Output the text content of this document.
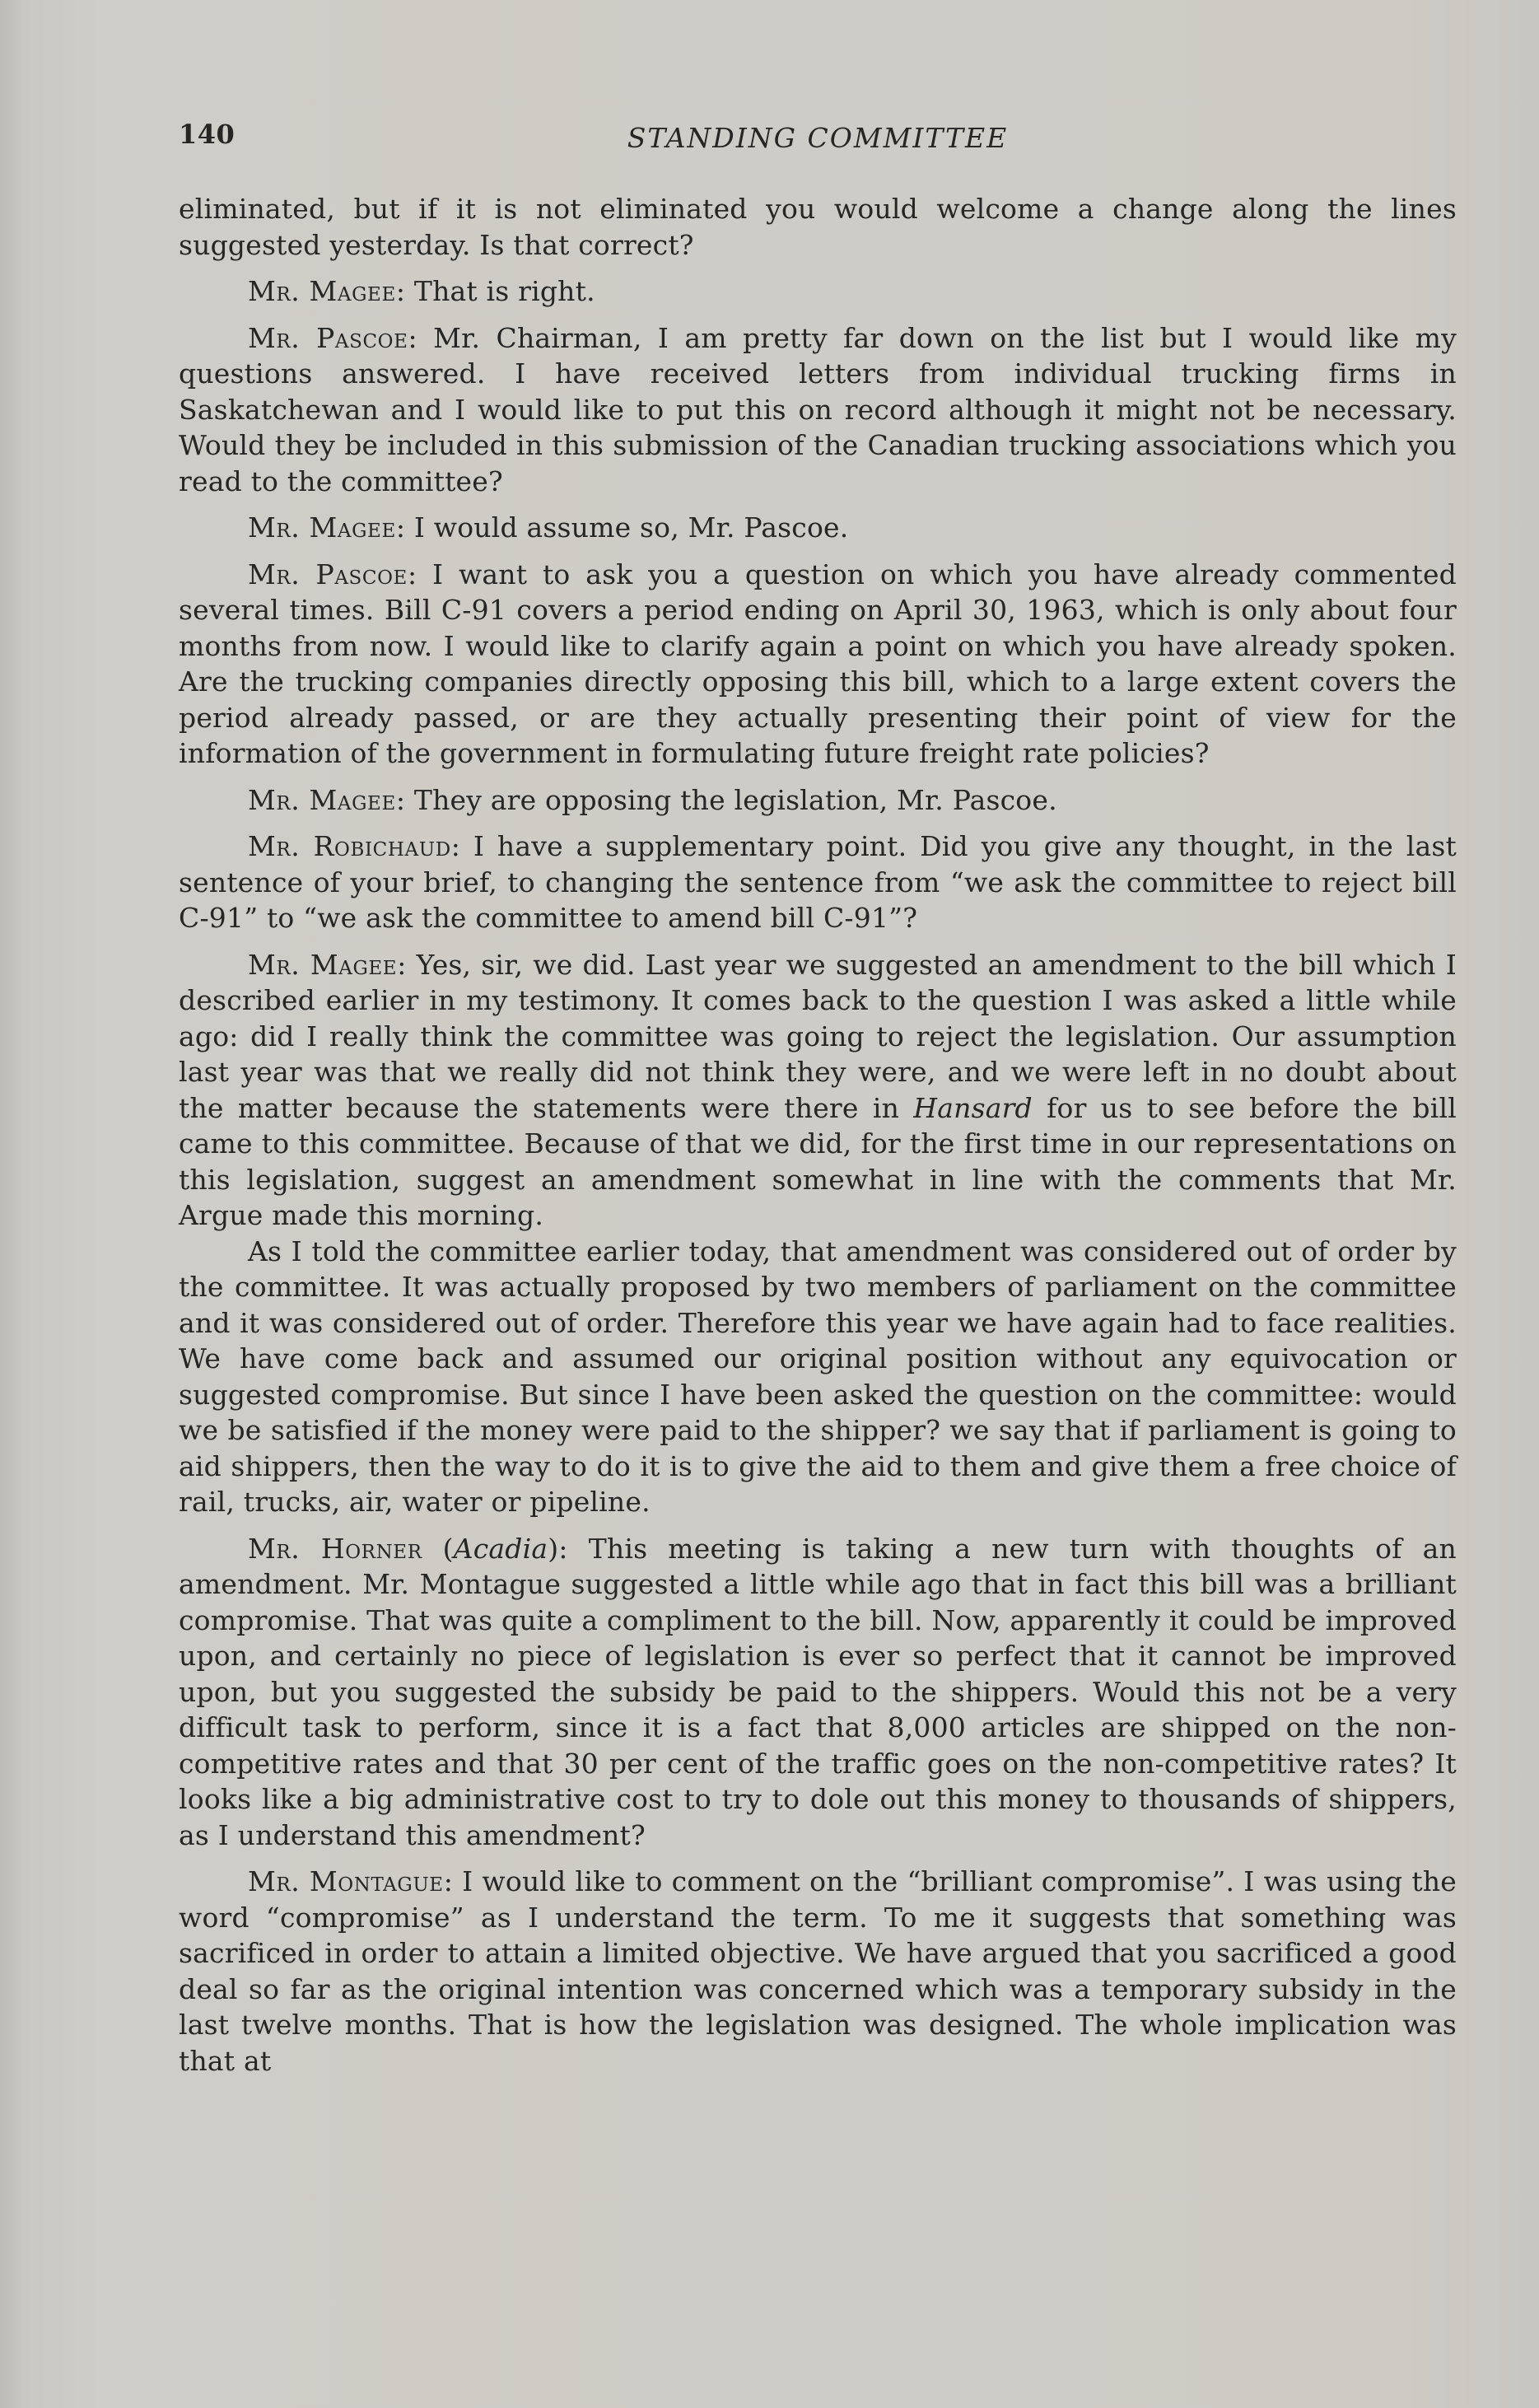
140	STANDING COMMITTEE

eliminated, but if it is not eliminated you would welcome a change along the lines suggested yesterday. Is that correct?

Mr. Magee: That is right.

Mr. Pascoe: Mr. Chairman, I am pretty far down on the list but I would like my questions answered. I have received letters from individual trucking firms in Saskatchewan and I would like to put this on record although it might not be necessary. Would they be included in this submission of the Canadian trucking associations which you read to the committee?

Mr. Magee: I would assume so, Mr. Pascoe.

Mr. Pascoe: I want to ask you a question on which you have already commented several times. Bill C-91 covers a period ending on April 30, 1963, which is only about four months from now. I would like to clarify again a point on which you have already spoken. Are the trucking companies directly opposing this bill, which to a large extent covers the period already passed, or are they actually presenting their point of view for the information of the government in formulating future freight rate policies?

Mr. Magee: They are opposing the legislation, Mr. Pascoe.

Mr. Robichaud: I have a supplementary point. Did you give any thought, in the last sentence of your brief, to changing the sentence from “we ask the committee to reject bill C-91” to “we ask the committee to amend bill C-91”?

Mr. Magee: Yes, sir, we did. Last year we suggested an amendment to the bill which I described earlier in my testimony. It comes back to the question I was asked a little while ago: did I really think the committee was going to reject the legislation. Our assumption last year was that we really did not think they were, and we were left in no doubt about the matter because the statements were there in Hansard for us to see before the bill came to this committee. Because of that we did, for the first time in our representations on this legislation, suggest an amendment somewhat in line with the comments that Mr. Argue made this morning.

As I told the committee earlier today, that amendment was considered out of order by the committee. It was actually proposed by two members of parliament on the committee and it was considered out of order. Therefore this year we have again had to face realities. We have come back and assumed our original position without any equivocation or suggested compromise. But since I have been asked the question on the committee: would we be satisfied if the money were paid to the shipper? we say that if parliament is going to aid shippers, then the way to do it is to give the aid to them and give them a free choice of rail, trucks, air, water or pipeline.

Mr. Horner (Acadia): This meeting is taking a new turn with thoughts of an amendment. Mr. Montague suggested a little while ago that in fact this bill was a brilliant compromise. That was quite a compliment to the bill. Now, apparently it could be improved upon, and certainly no piece of legislation is ever so perfect that it cannot be improved upon, but you suggested the subsidy be paid to the shippers. Would this not be a very difficult task to perform, since it is a fact that 8,000 articles are shipped on the non-competitive rates and that 30 per cent of the traffic goes on the non-competitive rates? It looks like a big administrative cost to try to dole out this money to thousands of shippers, as I understand this amendment?

Mr. Montague: I would like to comment on the “brilliant compromise”. I was using the word “compromise” as I understand the term. To me it suggests that something was sacrificed in order to attain a limited objective. We have argued that you sacrificed a good deal so far as the original intention was concerned which was a temporary subsidy in the last twelve months. That is how the legislation was designed. The whole implication was that at
